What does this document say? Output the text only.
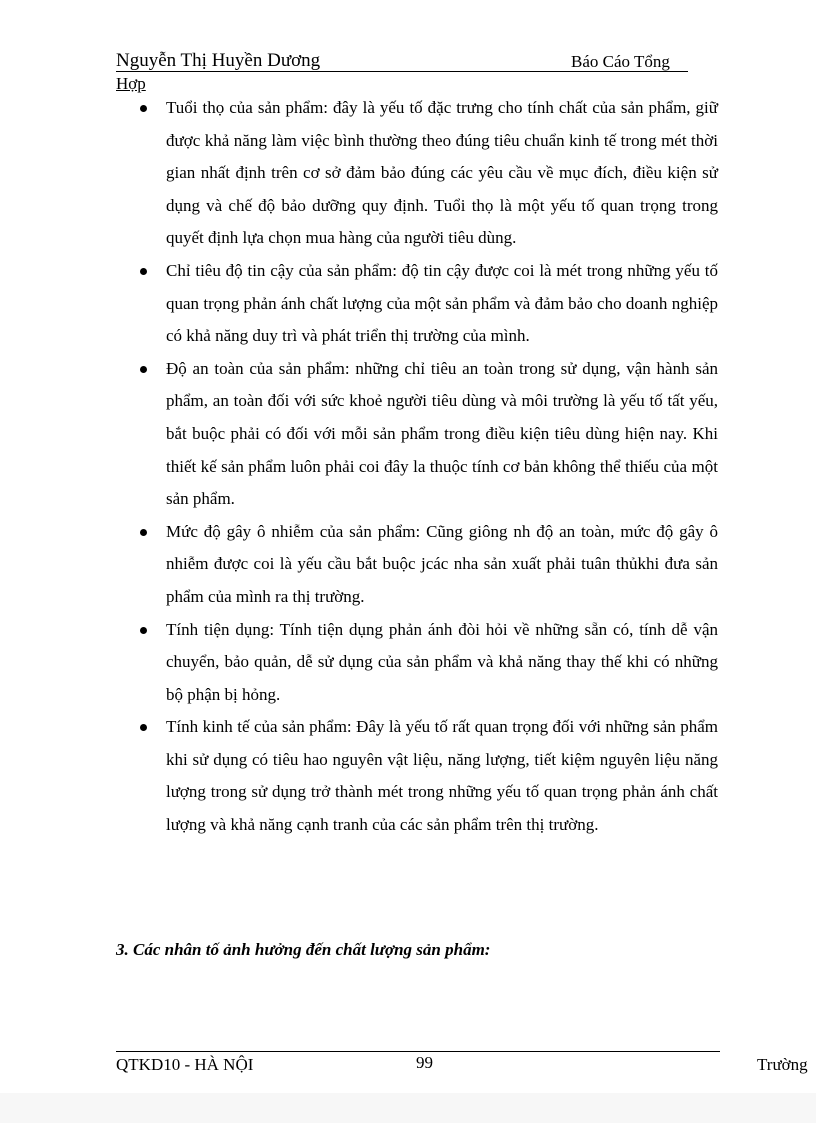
Nguyễn Thị Huyền Dương	Báo Cáo Tổng
Hợp
Tuổi thọ của sản phẩm: đây là yếu tố đặc trưng cho tính chất của sản phẩm, giữ được khả năng làm việc bình thường theo đúng tiêu chuẩn kinh tế trong mét thời gian nhất định trên cơ sở đảm bảo đúng các yêu cầu về mục đích, điều kiện sử dụng và chế độ bảo dưỡng quy định. Tuổi thọ là một yếu tố quan trọng trong quyết định lựa chọn mua hàng của người tiêu dùng.
Chỉ tiêu độ tin cậy của sản phẩm: độ tin cậy được coi là mét trong những yếu tố quan trọng phản ánh chất lượng của một sản phẩm và đảm bảo cho doanh nghiệp có khả năng duy trì và phát triển thị trường của mình.
Độ an toàn của sản phẩm: những chỉ tiêu an toàn trong sử dụng, vận hành sản phẩm, an toàn đối với sức khoẻ người tiêu dùng và môi trường là yếu tố tất yếu, bắt buộc phải có đối với mỗi sản phẩm trong điều kiện tiêu dùng hiện nay. Khi thiết kế sản phẩm luôn phải coi đây la thuộc tính cơ bản không thể thiếu của một sản phẩm.
Mức độ gây ô nhiễm của sản phẩm: Cũng giông nh độ an toàn, mức độ gây ô nhiễm được coi là yếu cầu bắt buộc jcác nha sản xuất phải tuân thủkhi đưa sản phẩm của mình ra thị trường.
Tính tiện dụng: Tính tiện dụng phản ánh đòi hỏi về những sẵn có, tính dễ vận chuyển, bảo quản, dễ sử dụng của sản phẩm và khả năng thay thế khi có những bộ phận bị hỏng.
Tính kinh tế của sản phẩm: Đây là yếu tố rất quan trọng đối với những sản phẩm khi sử dụng có tiêu hao nguyên vật liệu, năng lượng, tiết kiệm nguyên liệu năng lượng trong sử dụng trở thành mét trong những yếu tố quan trọng phản ánh chất lượng và khả năng cạnh tranh của các sản phẩm trên thị trường.
3. Các nhân tố ảnh hưởng đến chất lượng sản phẩm:
QTKD10 - HÀ NỘI	99	Trường
